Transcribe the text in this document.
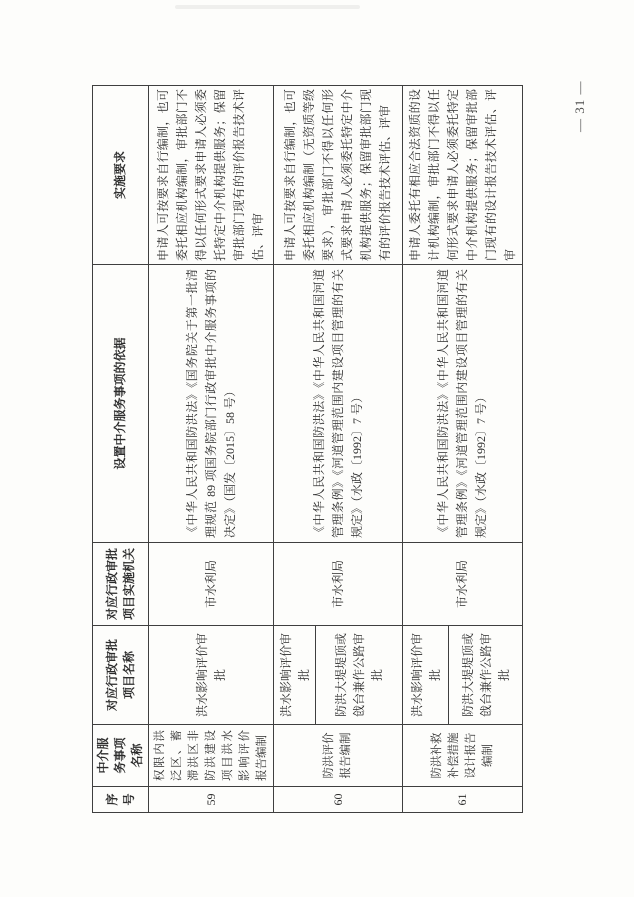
序号	中介服务事项名称	对应行政审批项目名称	对应行政审批项目实施机关	设置中介服务事项的依据	实施要求
59	权限内洪泛区、蓄滞洪区非防洪建设项目洪水影响评价报告编制	洪水影响评价审批	市水利局	《中华人民共和国防洪法》《国务院关于第一批清理规范 89 项国务院部门行政审批中介服务事项的决定》（国发〔2015〕58 号）	申请人可按要求自行编制，也可委托相应机构编制，审批部门不得以任何形式要求申请人必须委托特定中介机构提供服务；保留审批部门现有的评价报告技术评估、评审
60	防洪评价报告编制	洪水影响评价审批	市水利局	《中华人民共和国防洪法》《中华人民共和国河道管理条例》《河道管理范围内建设项目管理的有关规定》（水政〔1992〕7 号）	申请人可按要求自行编制，也可委托相应机构编制（无资质等级要求），审批部门不得以任何形式要求申请人必须委托特定中介机构提供服务；保留审批部门现有的评价报告技术评估、评审
		防洪大堤堤顶或戗台兼作公路审批			
61	防洪补救补偿措施设计报告编制	洪水影响评价审批	市水利局	《中华人民共和国防洪法》《中华人民共和国河道管理条例》《河道管理范围内建设项目管理的有关规定》（水政〔1992〕7 号）	申请人委托有相应合法资质的设计机构编制，审批部门不得以任何形式要求申请人必须委托特定中介机构提供服务；保留审批部门现有的设计报告技术评估、评审
		防洪大堤堤顶或戗台兼作公路审批			
— 31 —
